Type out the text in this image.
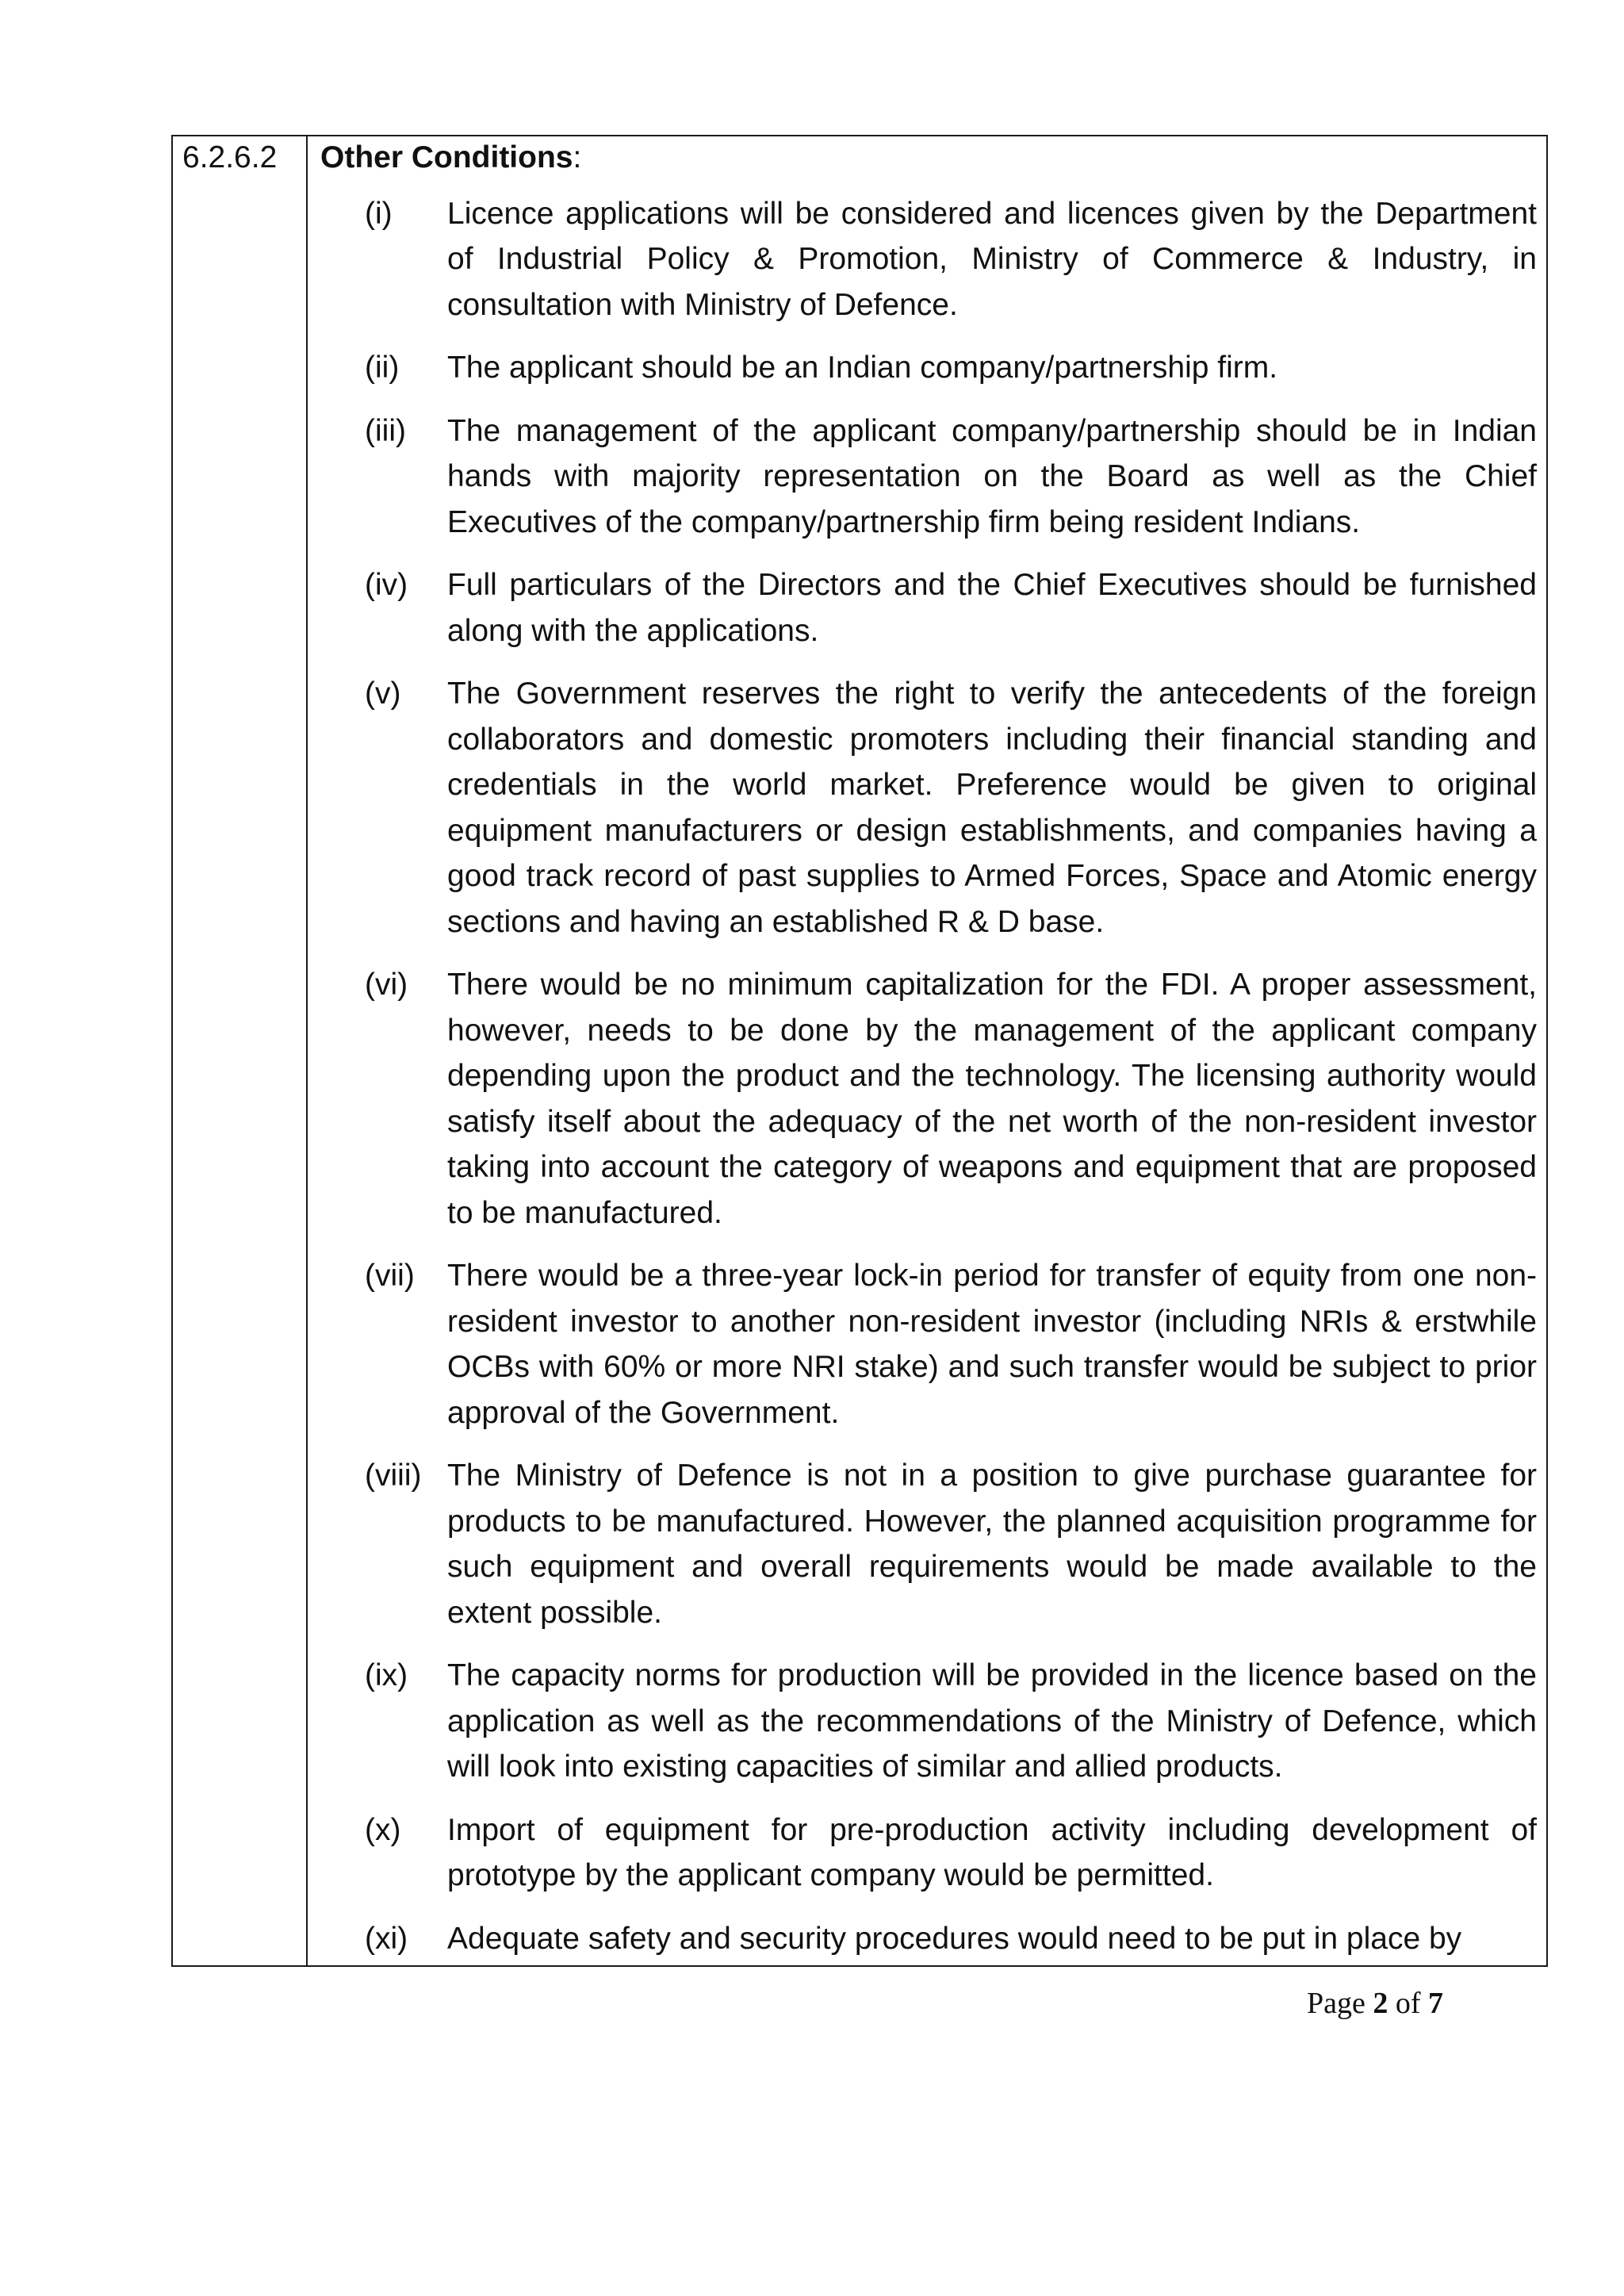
6.2.6.2 Other Conditions:
(i) Licence applications will be considered and licences given by the Department of Industrial Policy & Promotion, Ministry of Commerce & Industry, in consultation with Ministry of Defence.
(ii) The applicant should be an Indian company/partnership firm.
(iii) The management of the applicant company/partnership should be in Indian hands with majority representation on the Board as well as the Chief Executives of the company/partnership firm being resident Indians.
(iv) Full particulars of the Directors and the Chief Executives should be furnished along with the applications.
(v) The Government reserves the right to verify the antecedents of the foreign collaborators and domestic promoters including their financial standing and credentials in the world market. Preference would be given to original equipment manufacturers or design establishments, and companies having a good track record of past supplies to Armed Forces, Space and Atomic energy sections and having an established R & D base.
(vi) There would be no minimum capitalization for the FDI. A proper assessment, however, needs to be done by the management of the applicant company depending upon the product and the technology. The licensing authority would satisfy itself about the adequacy of the net worth of the non-resident investor taking into account the category of weapons and equipment that are proposed to be manufactured.
(vii) There would be a three-year lock-in period for transfer of equity from one non-resident investor to another non-resident investor (including NRIs & erstwhile OCBs with 60% or more NRI stake) and such transfer would be subject to prior approval of the Government.
(viii) The Ministry of Defence is not in a position to give purchase guarantee for products to be manufactured. However, the planned acquisition programme for such equipment and overall requirements would be made available to the extent possible.
(ix) The capacity norms for production will be provided in the licence based on the application as well as the recommendations of the Ministry of Defence, which will look into existing capacities of similar and allied products.
(x) Import of equipment for pre-production activity including development of prototype by the applicant company would be permitted.
(xi) Adequate safety and security procedures would need to be put in place by
Page 2 of 7
